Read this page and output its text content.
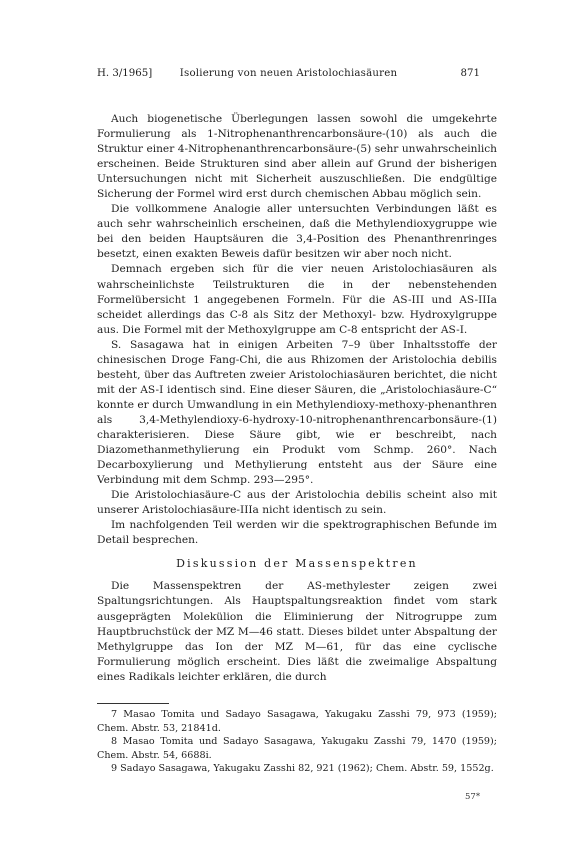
H. 3/1965]	Isolierung von neuen Aristolochiasäuren	871

Auch biogenetische Überlegungen lassen sowohl die umgekehrte Formulierung als 1-Nitrophenanthrencarbonsäure-(10) als auch die Struktur einer 4-Nitrophenanthrencarbonsäure-(5) sehr unwahrscheinlich erscheinen. Beide Strukturen sind aber allein auf Grund der bisherigen Untersuchungen nicht mit Sicherheit auszuschließen. Die endgültige Sicherung der Formel wird erst durch chemischen Abbau möglich sein.

Die vollkommene Analogie aller untersuchten Verbindungen läßt es auch sehr wahrscheinlich erscheinen, daß die Methylendioxygruppe wie bei den beiden Hauptsäuren die 3,4-Position des Phenanthrenringes besetzt, einen exakten Beweis dafür besitzen wir aber noch nicht.

Demnach ergeben sich für die vier neuen Aristolochiasäuren als wahrscheinlichste Teilstrukturen die in der nebenstehenden Formelübersicht 1 angegebenen Formeln. Für die AS-III und AS-IIIa scheidet allerdings das C-8 als Sitz der Methoxyl- bzw. Hydroxylgruppe aus. Die Formel mit der Methoxylgruppe am C-8 entspricht der AS-I.

S. Sasagawa hat in einigen Arbeiten 7–9 über Inhaltsstoffe der chinesischen Droge Fang-Chi, die aus Rhizomen der Aristolochia debilis besteht, über das Auftreten zweier Aristolochiasäuren berichtet, die nicht mit der AS-I identisch sind. Eine dieser Säuren, die „Aristolochiasäure-C“ konnte er durch Umwandlung in ein Methylendioxy-methoxy-phenanthren als 3,4-Methylendioxy-6-hydroxy-10-nitrophenanthrencarbonsäure-(1) charakterisieren. Diese Säure gibt, wie er beschreibt, nach Diazomethanmethylierung ein Produkt vom Schmp. 260°. Nach Decarboxylierung und Methylierung entsteht aus der Säure eine Verbindung mit dem Schmp. 293—295°.

Die Aristolochiasäure-C aus der Aristolochia debilis scheint also mit unserer Aristolochiasäure-IIIa nicht identisch zu sein.

Im nachfolgenden Teil werden wir die spektrographischen Befunde im Detail besprechen.

Diskussion der Massenspektren

Die Massenspektren der AS-methylester zeigen zwei Spaltungsrichtungen. Als Hauptspaltungsreaktion findet vom stark ausgeprägten Molekülion die Eliminierung der Nitrogruppe zum Hauptbruchstück der MZ M—46 statt. Dieses bildet unter Abspaltung der Methylgruppe das Ion der MZ M—61, für das eine cyclische Formulierung möglich erscheint. Dies läßt die zweimalige Abspaltung eines Radikals leichter erklären, die durch

7 Masao Tomita und Sadayo Sasagawa, Yakugaku Zasshi 79, 973 (1959); Chem. Abstr. 53, 21841d.

8 Masao Tomita und Sadayo Sasagawa, Yakugaku Zasshi 79, 1470 (1959); Chem. Abstr. 54, 6688i.

9 Sadayo Sasagawa, Yakugaku Zasshi 82, 921 (1962); Chem. Abstr. 59, 1552g.

57*
